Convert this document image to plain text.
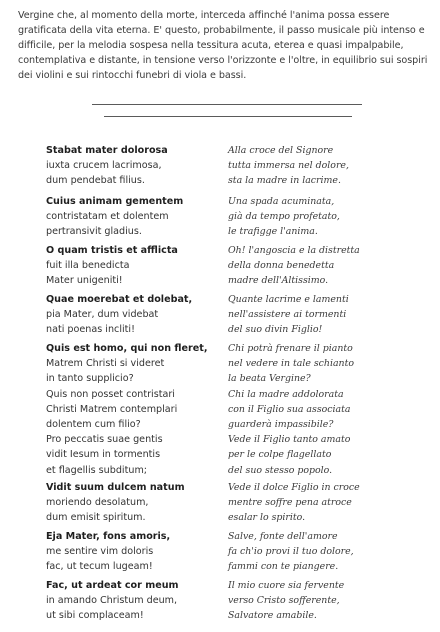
Vergine che, al momento della morte, interceda affinché l'anima possa essere gratificata della vita eterna. E' questo, probabilmente, il passo musicale più intenso e difficile, per la melodia sospesa nella tessitura acuta, eterea e quasi impalpabile, contemplativa e distante, in tensione verso l'orizzonte e l'oltre, in equilibrio sui sospiri dei violini e sui rintocchi funebri di viola e bassi.

Stabat mater dolorosa
iuxta crucem lacrimosa,
dum pendebat filius.
Alla croce del Signore
tutta immersa nel dolore,
sta la madre in lacrime.
Cuius animam gementem
contristatam et dolentem
pertransivit gladius.
Una spada acuminata,
già da tempo profetato,
le trafigge l'anima.
O quam tristis et afflicta
fuit illa benedicta
Mater unigeniti!
Oh! l'angoscia e la distretta
della donna benedetta
madre dell'Altissimo.
Quae moerebat et dolebat,
pia Mater, dum videbat
nati poenas incliti!
Quante lacrime e lamenti
nell'assistere ai tormenti
del suo divin Figlio!
Quis est homo, qui non fleret,
Matrem Christi si videret
in tanto supplicio?
Quis non posset contristari
Christi Matrem contemplari
dolentem cum filio?
Pro peccatis suae gentis
vidit Iesum in tormentis
et flagellis subditum;
Chi potrà frenare il pianto
nel vedere in tale schianto
la beata Vergine?
Chi la madre addolorata
con il Figlio sua associata
guarderà impassibile?
Vede il Figlio tanto amato
per le colpe flagellato
del suo stesso popolo.
Vidit suum dulcem natum
moriendo desolatum,
dum emisit spiritum.
Vede il dolce Figlio in croce
mentre soffre pena atroce
esalar lo spirito.
Eja Mater, fons amoris,
me sentire vim doloris
fac, ut tecum lugeam!
Salve, fonte dell'amore
fa ch'io provi il tuo dolore,
fammi con te piangere.
Fac, ut ardeat cor meum
in amando Christum deum,
ut sibi complaceam!
Il mio cuore sia fervente
verso Cristo sofferente,
Salvatore amabile.
